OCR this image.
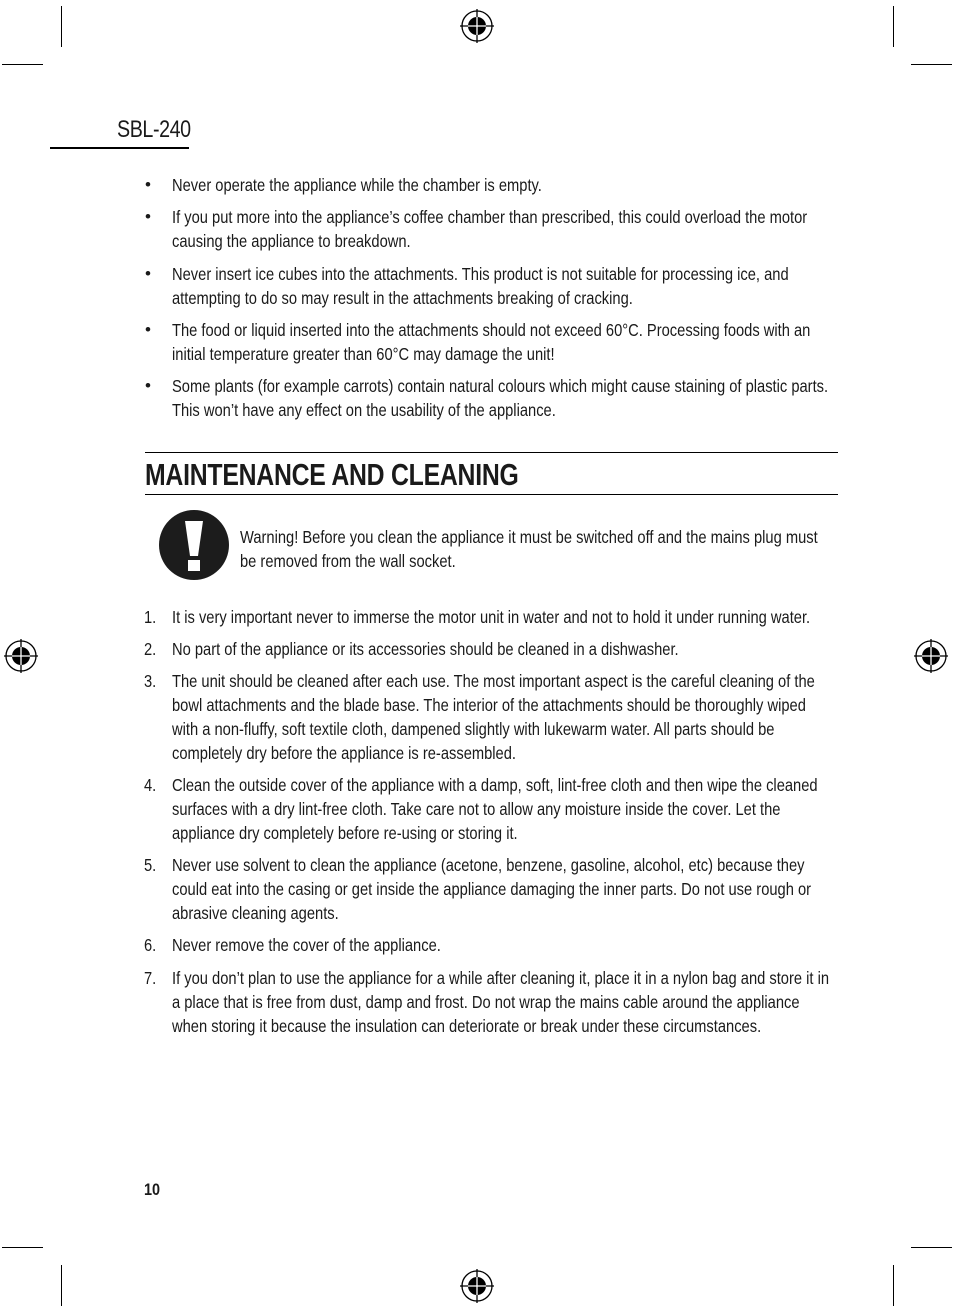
SBL-240
• Never operate the appliance while the chamber is empty.
• If you put more into the appliance’s coffee chamber than prescribed, this could overload the motor causing the appliance to breakdown.
• Never insert ice cubes into the attachments. This product is not suitable for processing ice, and attempting to do so may result in the attachments breaking of cracking.
• The food or liquid inserted into the attachments should not exceed 60°C. Processing foods with an initial temperature greater than 60°C may damage the unit!
• Some plants (for example carrots) contain natural colours which might cause staining of plastic parts. This won’t have any effect on the usability of the appliance.
MAINTENANCE AND CLEANING
Warning! Before you clean the appliance it must be switched off and the mains plug must be removed from the wall socket.
1. It is very important never to immerse the motor unit in water and not to hold it under running water.
2. No part of the appliance or its accessories should be cleaned in a dishwasher.
3. The unit should be cleaned after each use. The most important aspect is the careful cleaning of the bowl attachments and the blade base. The interior of the attachments should be thoroughly wiped with a non-fluffy, soft textile cloth, dampened slightly with lukewarm water. All parts should be completely dry before the appliance is re-assembled.
4. Clean the outside cover of the appliance with a damp, soft, lint-free cloth and then wipe the cleaned surfaces with a dry lint-free cloth. Take care not to allow any moisture inside the cover. Let the appliance dry completely before re-using or storing it.
5. Never use solvent to clean the appliance (acetone, benzene, gasoline, alcohol, etc) because they could eat into the casing or get inside the appliance damaging the inner parts. Do not use rough or abrasive cleaning agents.
6. Never remove the cover of the appliance.
7. If you don’t plan to use the appliance for a while after cleaning it, place it in a nylon bag and store it in a place that is free from dust, damp and frost. Do not wrap the mains cable around the appliance when storing it because the insulation can deteriorate or break under these circumstances.
10
